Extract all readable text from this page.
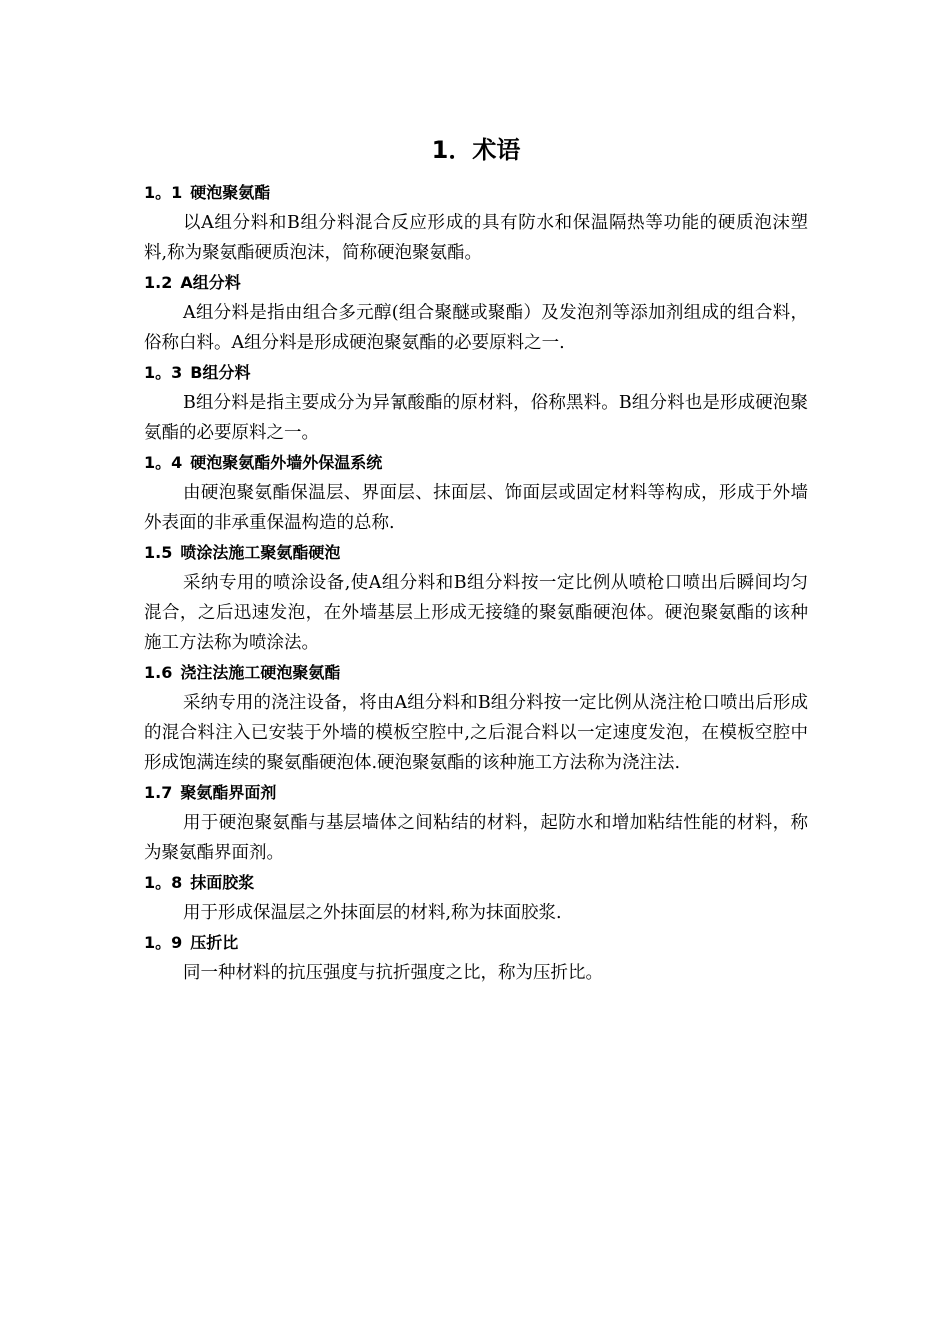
1．术语
1。1 硬泡聚氨酯
以A组分料和B组分料混合反应形成的具有防水和保温隔热等功能的硬质泡沫塑料,称为聚氨酯硬质泡沫，简称硬泡聚氨酯。
1.2 A组分料
A组分料是指由组合多元醇(组合聚醚或聚酯）及发泡剂等添加剂组成的组合料，俗称白料。A组分料是形成硬泡聚氨酯的必要原料之一.
1。3 B组分料
B组分料是指主要成分为异氰酸酯的原材料，俗称黑料。B组分料也是形成硬泡聚氨酯的必要原料之一。
1。4 硬泡聚氨酯外墙外保温系统
由硬泡聚氨酯保温层、界面层、抹面层、饰面层或固定材料等构成，形成于外墙外表面的非承重保温构造的总称.
1.5 喷涂法施工聚氨酯硬泡
采纳专用的喷涂设备,使A组分料和B组分料按一定比例从喷枪口喷出后瞬间均匀混合，之后迅速发泡，在外墙基层上形成无接缝的聚氨酯硬泡体。硬泡聚氨酯的该种施工方法称为喷涂法。
1.6 浇注法施工硬泡聚氨酯
采纳专用的浇注设备，将由A组分料和B组分料按一定比例从浇注枪口喷出后形成的混合料注入已安装于外墙的模板空腔中,之后混合料以一定速度发泡，在模板空腔中形成饱满连续的聚氨酯硬泡体.硬泡聚氨酯的该种施工方法称为浇注法.
1.7 聚氨酯界面剂
用于硬泡聚氨酯与基层墙体之间粘结的材料，起防水和增加粘结性能的材料，称为聚氨酯界面剂。
1。8 抹面胶浆
用于形成保温层之外抹面层的材料,称为抹面胶浆.
1。9 压折比
同一种材料的抗压强度与抗折强度之比，称为压折比。
